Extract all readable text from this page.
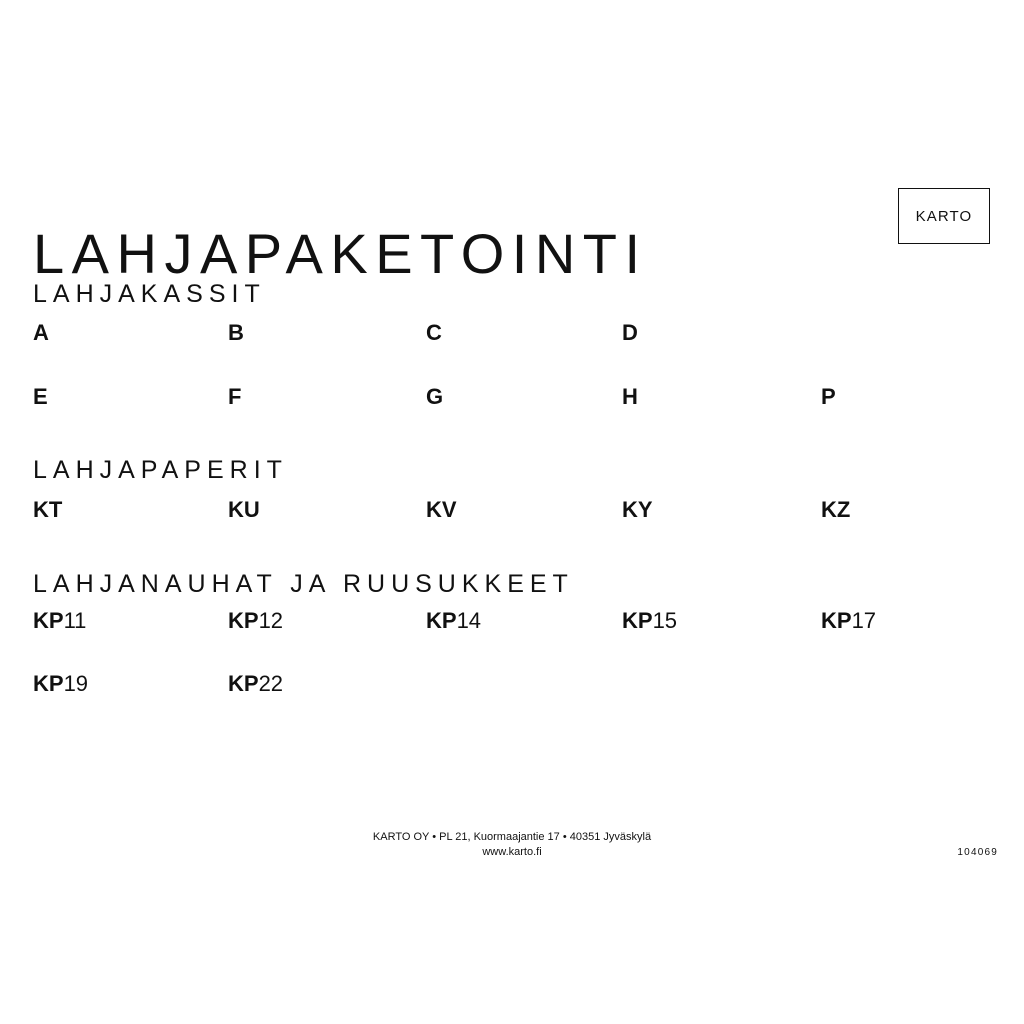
KARTO
LAHJAPAKETOINTI
LAHJAKASSIT
A	B	C	D
E	F	G	H	P
LAHJAPAPERIT
KT	KU	KV	KY	KZ
LAHJANAUHAT JA RUUSUKKEET
KP11	KP12	KP14	KP15	KP17
KP19	KP22
KARTO OY • PL 21, Kuormaajantie 17 • 40351 Jyväskylä
www.karto.fi	104069
